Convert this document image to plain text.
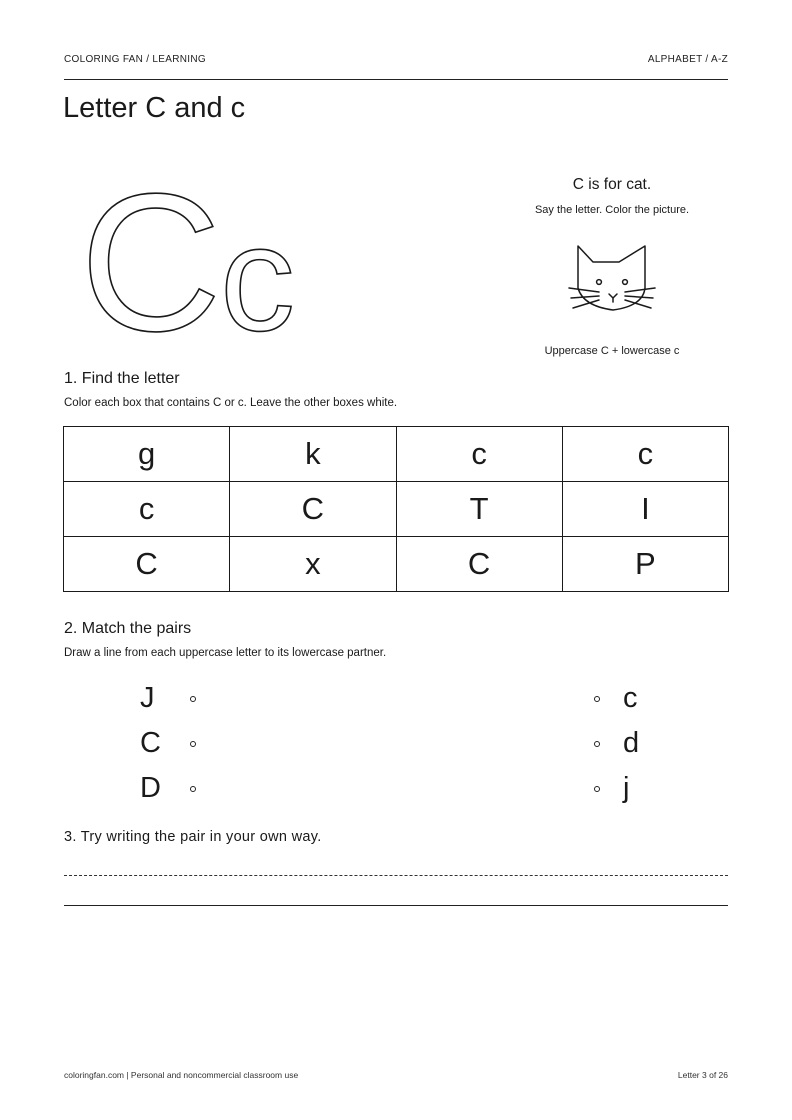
COLORING FAN / LEARNING	ALPHABET / A-Z
Letter C and c
C
c
C is for cat.
Say the letter. Color the picture.
Uppercase C + lowercase c
1. Find the letter
Color each box that contains C or c. Leave the other boxes white.
g	k	c	c
c	C	T	I
C	x	C	P
2. Match the pairs
Draw a line from each uppercase letter to its lowercase partner.
J	c
C	d
D	j
3. Try writing the pair in your own way.
coloringfan.com | Personal and noncommercial classroom use	Letter 3 of 26
